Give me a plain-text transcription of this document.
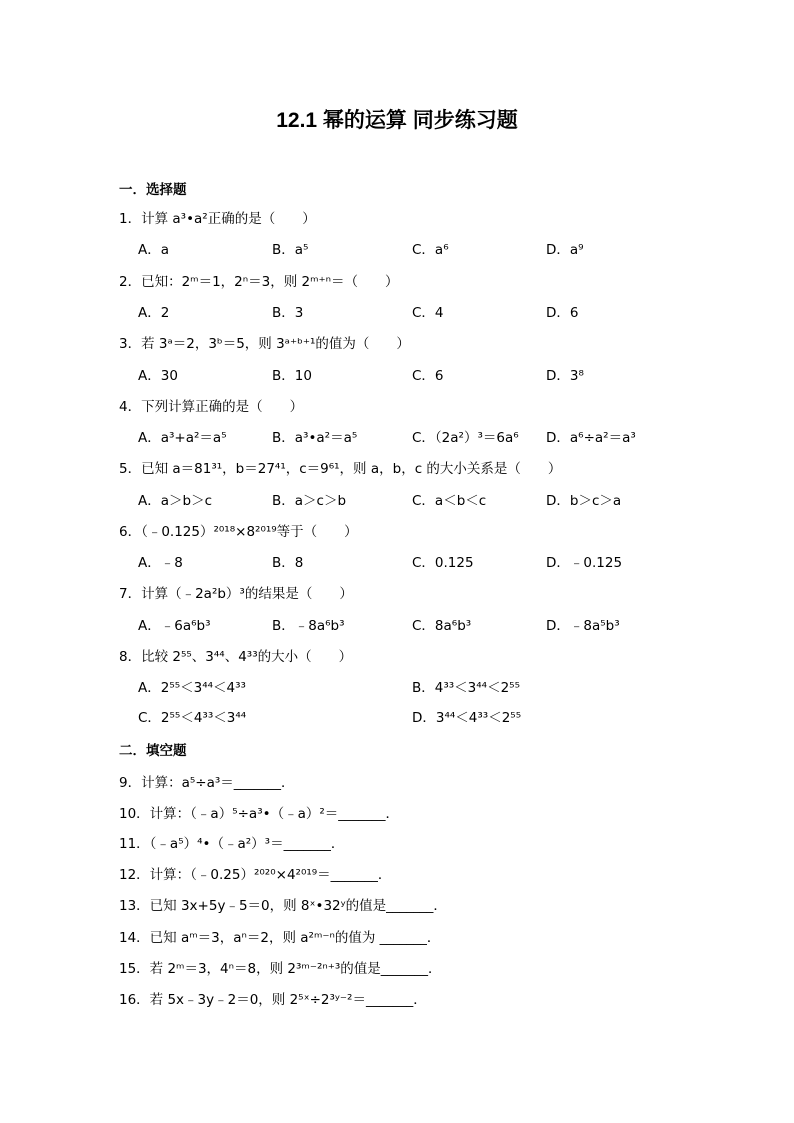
12.1 幂的运算 同步练习题
一．选择题
1．计算 a³•a²正确的是（　　）
A．a	B．a⁵	C．a⁶	D．a⁹
2．已知：2ᵐ＝1，2ⁿ＝3，则 2ᵐ⁺ⁿ＝（　　）
A．2	B．3	C．4	D．6
3．若 3ᵃ＝2，3ᵇ＝5，则 3ᵃ⁺ᵇ⁺¹的值为（　　）
A．30	B．10	C．6	D．3⁸
4．下列计算正确的是（　　）
A．a³+a²＝a⁵	B．a³•a²＝a⁵	C．（2a²）³＝6a⁶ D．a⁶÷a²＝a³
5．已知 a＝81³¹，b＝27⁴¹，c＝9⁶¹，则 a，b，c 的大小关系是（　　）
A．a＞b＞c	B．a＞c＞b	C．a＜b＜c	D．b＞c＞a
6．（﹣0.125）²⁰¹⁸×8²⁰¹⁹等于（　　）
A．﹣8	B．8	C．0.125	D．﹣0.125
7．计算（﹣2a²b）³的结果是（　　）
A．﹣6a⁶b³	B．﹣8a⁶b³	C．8a⁶b³	D．﹣8a⁵b³
8．比较 2⁵⁵、3⁴⁴、4³³的大小（　　）
A．2⁵⁵＜3⁴⁴＜4³³	B．4³³＜3⁴⁴＜2⁵⁵
C．2⁵⁵＜4³³＜3⁴⁴	D．3⁴⁴＜4³³＜2⁵⁵
二．填空题
9．计算：a⁵÷a³＝_______．
10．计算：（﹣a）⁵÷a³•（﹣a）²＝_______．
11．（﹣a⁵）⁴•（﹣a²）³＝_______．
12．计算：（﹣0.25）²⁰²⁰×4²⁰¹⁹＝_______．
13．已知 3x+5y﹣5＝0，则 8ˣ•32ʸ的值是_______．
14．已知 aᵐ＝3，aⁿ＝2，则 a²ᵐ⁻ⁿ的值为 _______．
15．若 2ᵐ＝3，4ⁿ＝8，则 2³ᵐ⁻²ⁿ⁺³的值是_______．
16．若 5x﹣3y﹣2＝0，则 2⁵ˣ÷2³ʸ⁻²＝_______．
